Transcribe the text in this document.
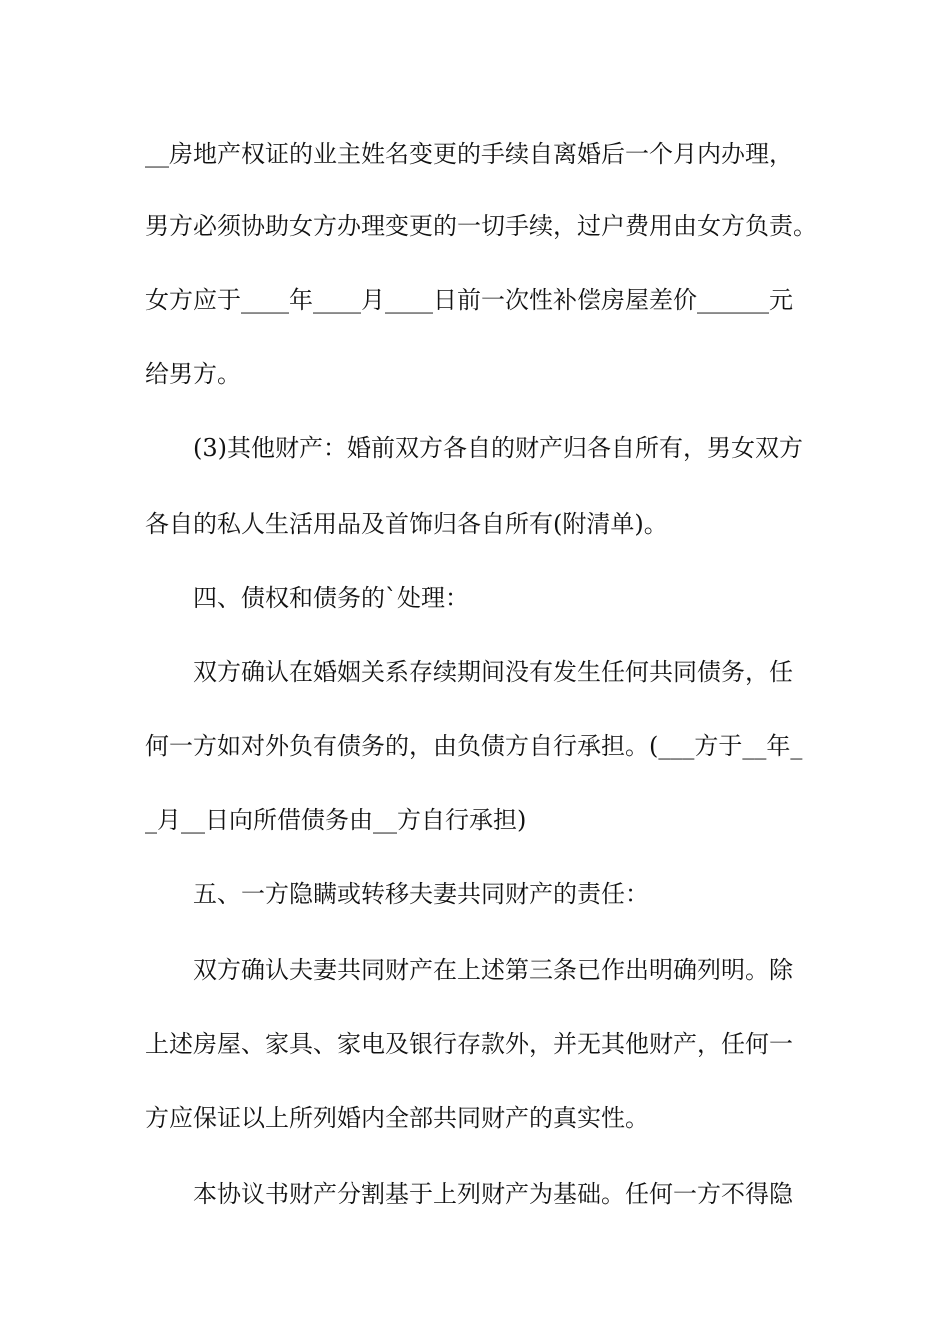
__房地产权证的业主姓名变更的手续自离婚后一个月内办理，
男方必须协助女方办理变更的一切手续，过户费用由女方负责。
女方应于____年____月____日前一次性补偿房屋差价______元
给男方。
(3)其他财产：婚前双方各自的财产归各自所有，男女双方
各自的私人生活用品及首饰归各自所有(附清单)。
四、债权和债务的`处理：
双方确认在婚姻关系存续期间没有发生任何共同债务，任
何一方如对外负有债务的，由负债方自行承担。(___方于__年_
_月__日向所借债务由__方自行承担)
五、一方隐瞒或转移夫妻共同财产的责任：
双方确认夫妻共同财产在上述第三条已作出明确列明。除
上述房屋、家具、家电及银行存款外，并无其他财产，任何一
方应保证以上所列婚内全部共同财产的真实性。
本协议书财产分割基于上列财产为基础。任何一方不得隐
